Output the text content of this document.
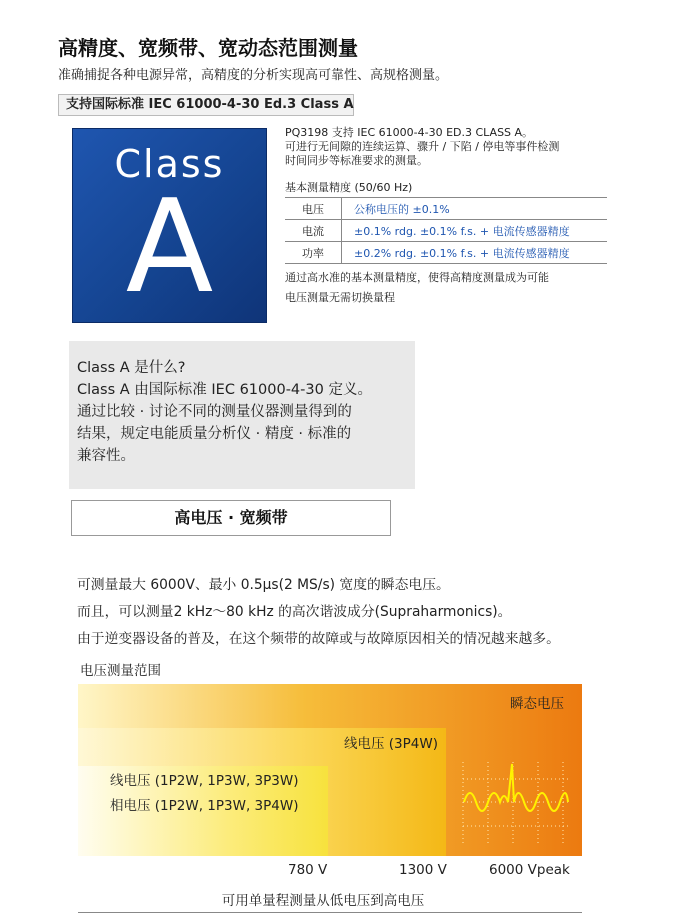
高精度、宽频带、宽动态范围测量
准确捕捉各种电源异常，高精度的分析实现高可靠性、高规格测量。
支持国际标准 IEC 61000-4-30 Ed.3 Class A
Class
A
PQ3198 支持 IEC 61000-4-30 ED.3 CLASS A。
可进行无间隙的连续运算、骤升 / 下陷 / 停电等事件检测
时间同步等标准要求的测量。
基本测量精度 (50/60 Hz)
电压	公称电压的 ±0.1%
电流	±0.1% rdg. ±0.1% f.s. + 电流传感器精度
功率	±0.2% rdg. ±0.1% f.s. + 电流传感器精度
通过高水准的基本测量精度，使得高精度测量成为可能
电压测量无需切换量程
Class A 是什么?
Class A 由国际标准 IEC 61000-4-30 定义。
通过比较 · 讨论不同的测量仪器测量得到的
结果，规定电能质量分析仪 · 精度 · 标准的
兼容性。
高电压 · 宽频带
可测量最大 6000V、最小 0.5μs(2 MS/s) 宽度的瞬态电压。
而且，可以测量2 kHz～80 kHz 的高次谐波成分(Supraharmonics)。
由于逆变器设备的普及，在这个频带的故障或与故障原因相关的情况越来越多。
电压测量范围
瞬态电压
线电压 (3P4W)
线电压 (1P2W, 1P3W, 3P3W)
相电压 (1P2W, 1P3W, 3P4W)
780 V	1300 V	6000 Vpeak
可用单量程测量从低电压到高电压
